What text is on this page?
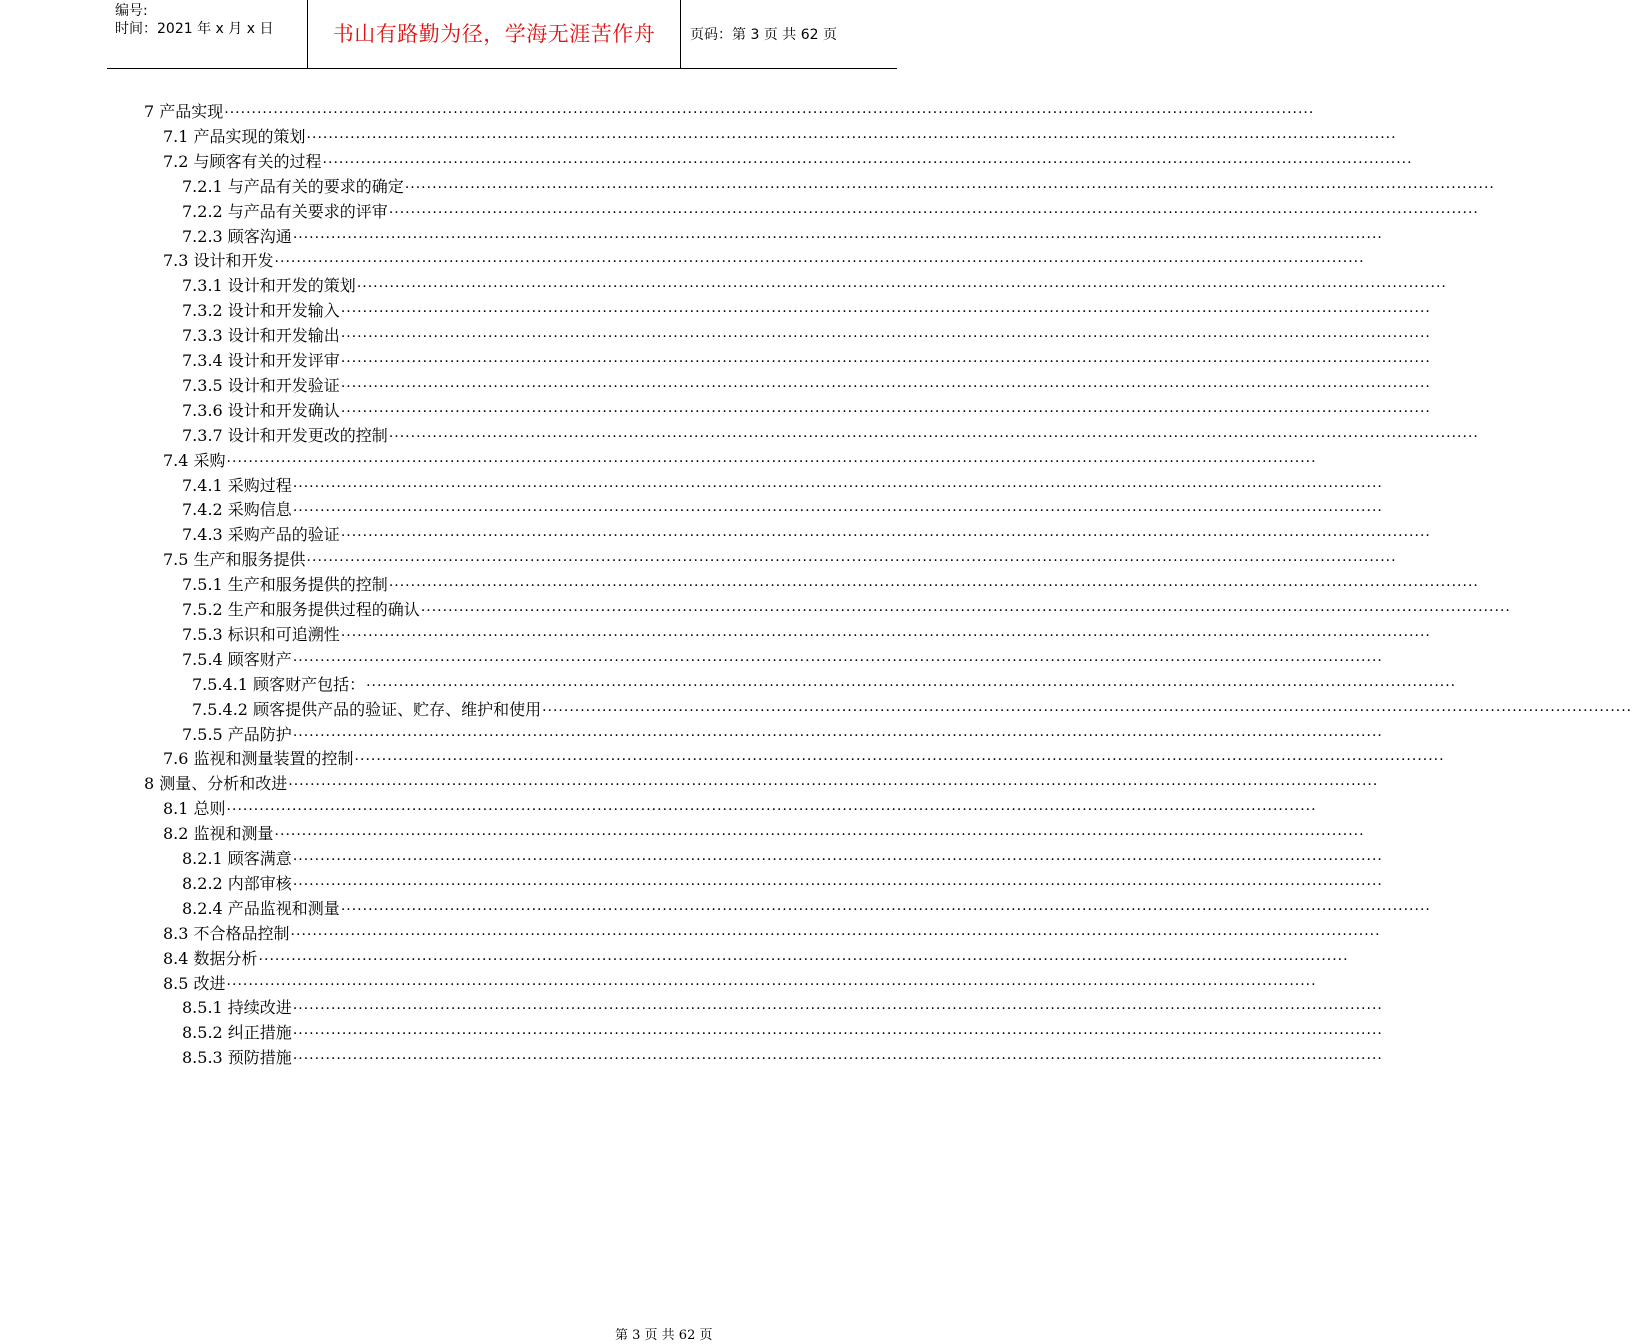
编号:
时间：2021 年 x 月 x 日	书山有路勤为径，学海无涯苦作舟	页码：第 3 页 共 62 页
7 产品实现 ········································································································································································································
7.1 产品实现的策划 ········································································································································································································
7.2 与顾客有关的过程 ········································································································································································································
7.2.1 与产品有关的要求的确定 ········································································································································································································
7.2.2 与产品有关要求的评审 ········································································································································································································
7.2.3 顾客沟通 ········································································································································································································
7.3 设计和开发 ········································································································································································································
7.3.1 设计和开发的策划 ········································································································································································································
7.3.2 设计和开发输入 ········································································································································································································
7.3.3 设计和开发输出 ········································································································································································································
7.3.4 设计和开发评审 ········································································································································································································
7.3.5 设计和开发验证 ········································································································································································································
7.3.6 设计和开发确认 ········································································································································································································
7.3.7 设计和开发更改的控制 ········································································································································································································
7.4 采购 ········································································································································································································
7.4.1 采购过程 ········································································································································································································
7.4.2 采购信息 ········································································································································································································
7.4.3 采购产品的验证 ········································································································································································································
7.5 生产和服务提供 ········································································································································································································
7.5.1 生产和服务提供的控制 ········································································································································································································
7.5.2 生产和服务提供过程的确认 ········································································································································································································
7.5.3 标识和可追溯性 ········································································································································································································
7.5.4 顾客财产 ········································································································································································································
7.5.4.1 顾客财产包括： ········································································································································································································
7.5.4.2 顾客提供产品的验证、贮存、维护和使用 ········································································································································································································
7.5.5 产品防护 ········································································································································································································
7.6 监视和测量装置的控制 ········································································································································································································
8 测量、分析和改进 ········································································································································································································
8.1 总则 ········································································································································································································
8.2 监视和测量 ········································································································································································································
8.2.1 顾客满意 ········································································································································································································
8.2.2 内部审核 ········································································································································································································
8.2.4 产品监视和测量 ········································································································································································································
8.3 不合格品控制 ········································································································································································································
8.4 数据分析 ········································································································································································································
8.5 改进 ········································································································································································································
8.5.1 持续改进 ········································································································································································································
8.5.2 纠正措施 ········································································································································································································
8.5.3 预防措施 ········································································································································································································
第 3 页 共 62 页
